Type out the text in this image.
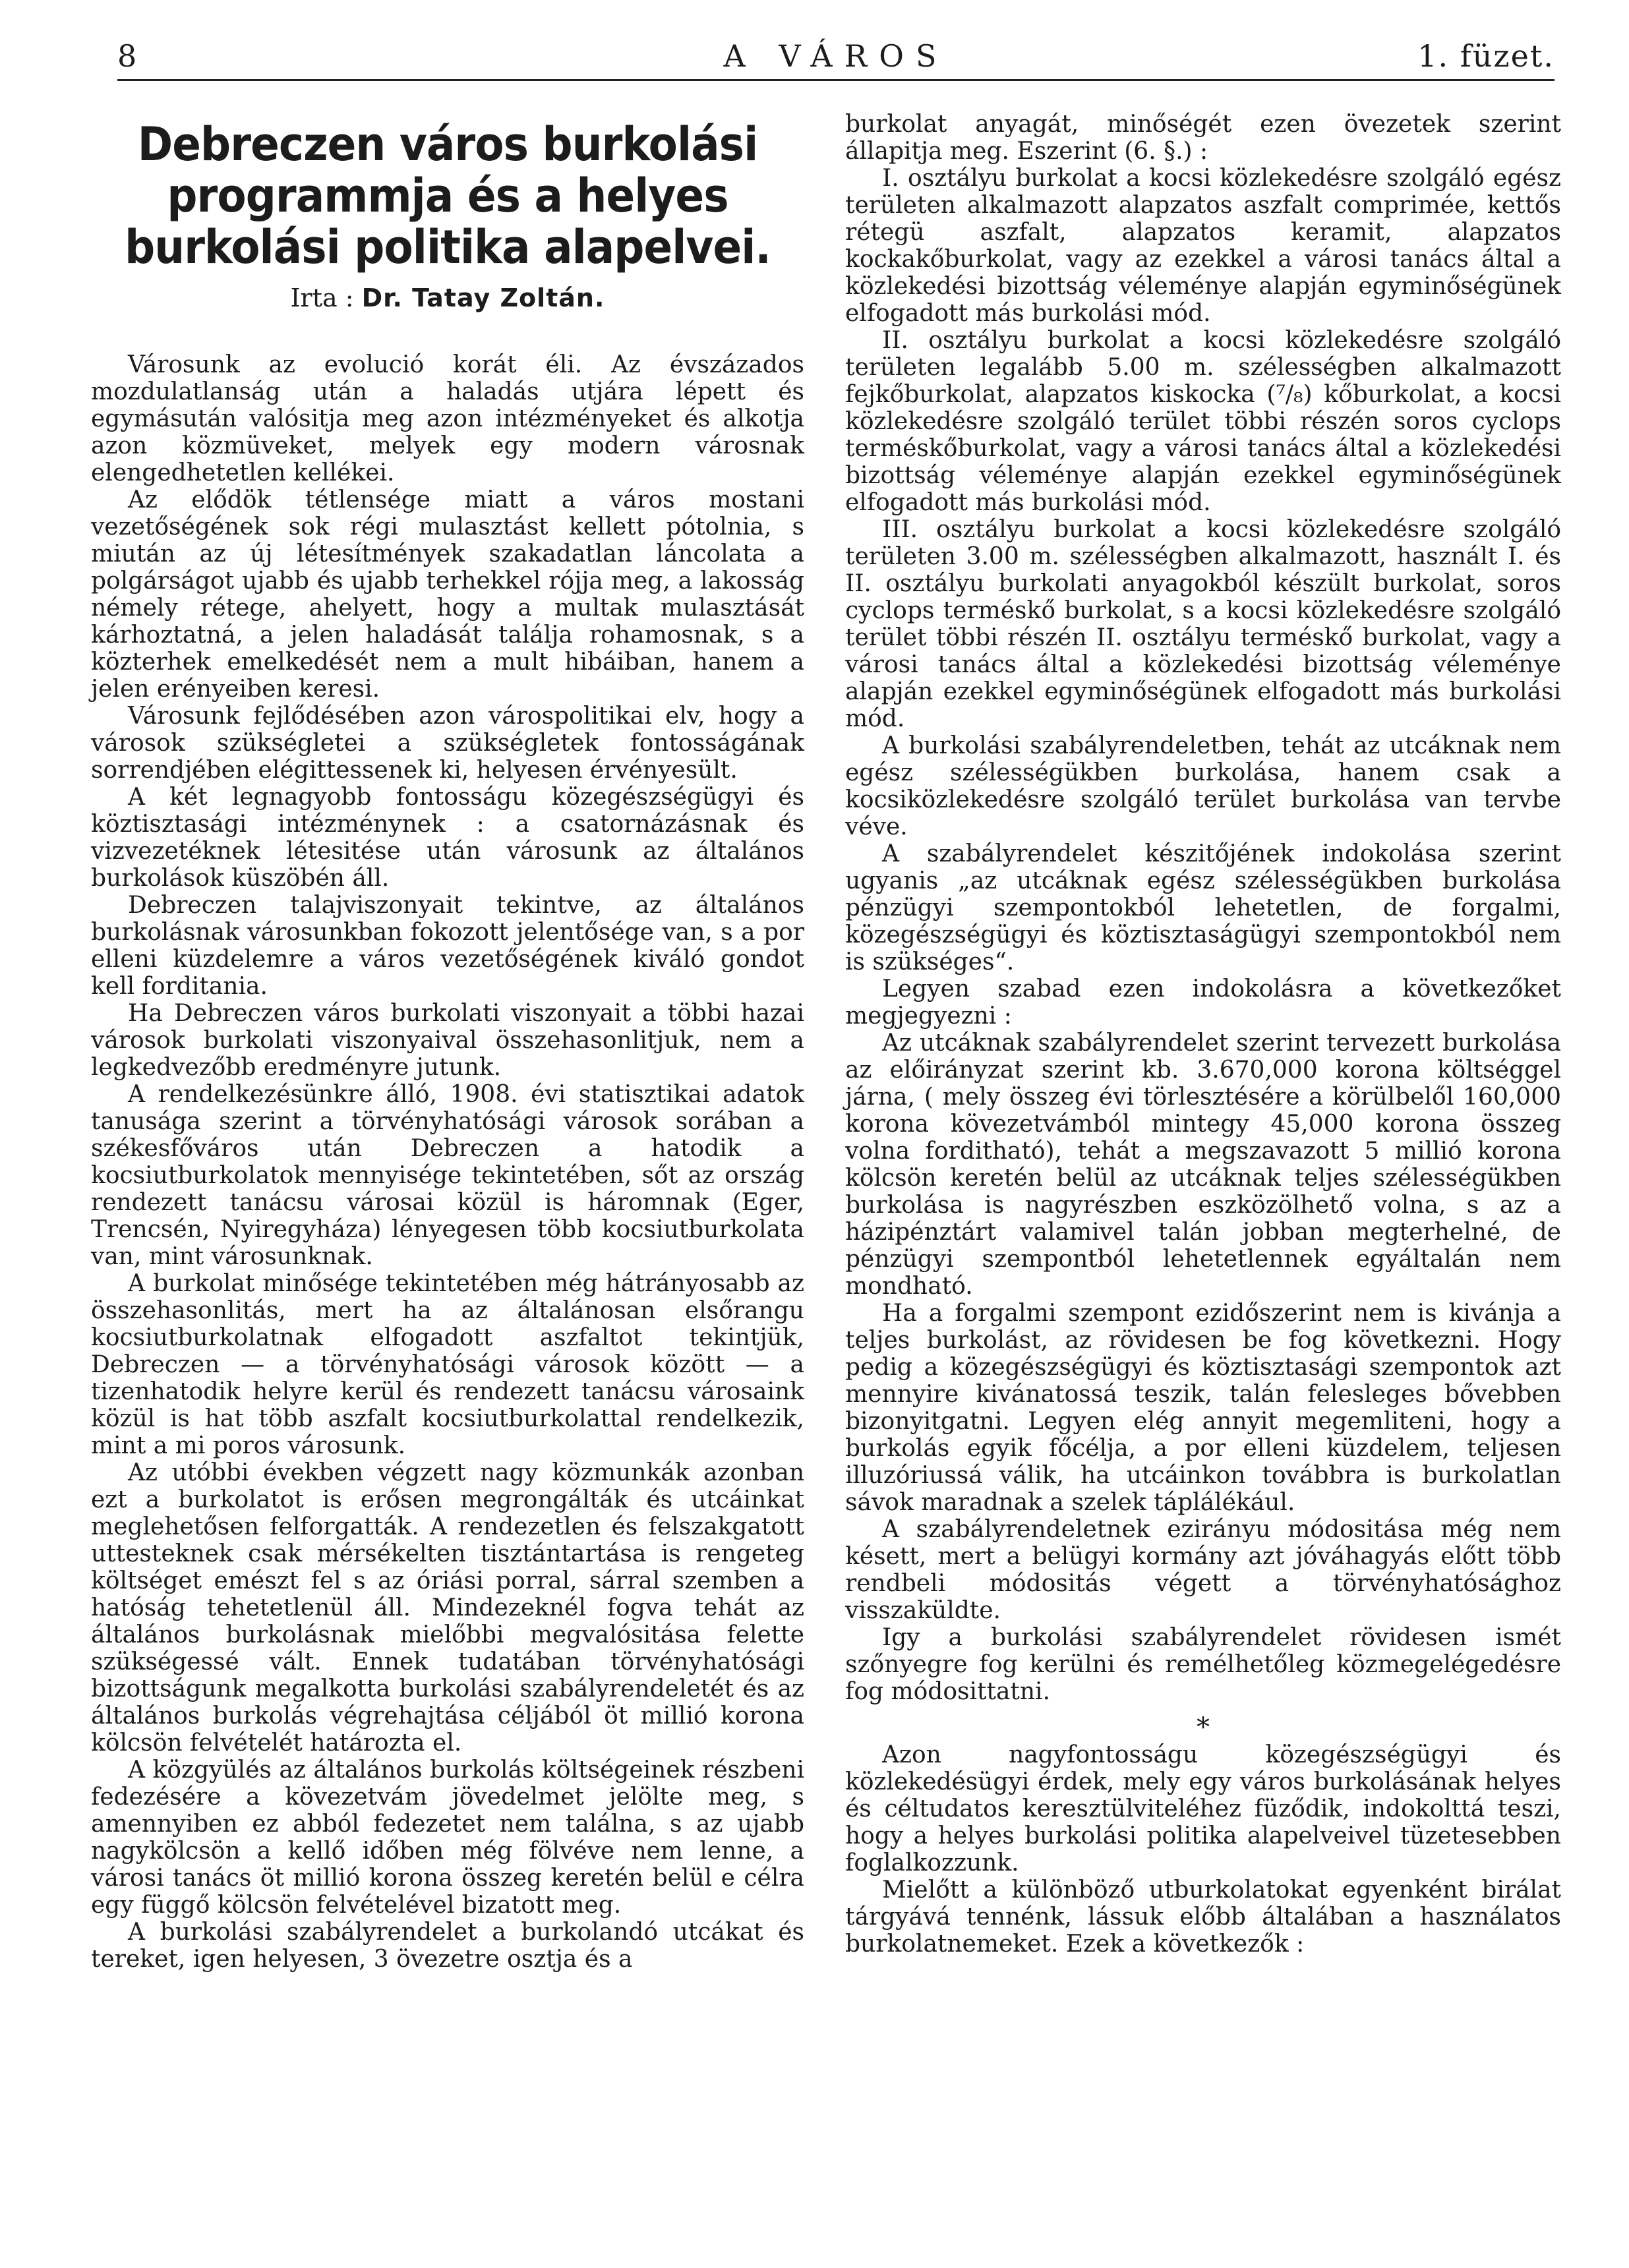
8	A VÁROS	1. füzet.
Debreczen város burkolási programmja és a helyes burkolási politika alapelvei.
Irta : Dr. Tatay Zoltán.

Városunk az evolució korát éli. Az évszázados mozdulatlanság után a haladás utjára lépett és egymásután valósitja meg azon intézményeket és alkotja azon közmüveket, melyek egy modern városnak elengedhetetlen kellékei.

Az elődök tétlensége miatt a város mostani vezetőségének sok régi mulasztást kellett pótolnia, s miután az új létesítmények szakadatlan láncolata a polgárságot ujabb és ujabb terhekkel rójja meg, a lakosság némely rétege, ahelyett, hogy a multak mulasztását kárhoztatná, a jelen haladását találja rohamosnak, s a közterhek emelkedését nem a mult hibáiban, hanem a jelen erényeiben keresi.

Városunk fejlődésében azon várospolitikai elv, hogy a városok szükségletei a szükségletek fontosságának sorrendjében elégittessenek ki, helyesen érvényesült.

A két legnagyobb fontosságu közegészségügyi és köztisztasági intézménynek : a csatornázásnak és vizvezetéknek létesitése után városunk az általános burkolások küszöbén áll.

Debreczen talajviszonyait tekintve, az általános burkolásnak városunkban fokozott jelentősége van, s a por elleni küzdelemre a város vezetőségének kiváló gondot kell forditania.

Ha Debreczen város burkolati viszonyait a többi hazai városok burkolati viszonyaival összehasonlitjuk, nem a legkedvezőbb eredményre jutunk.

A rendelkezésünkre álló, 1908. évi statisztikai adatok tanusága szerint a törvényhatósági városok sorában a székesfőváros után Debreczen a hatodik a kocsiutburkolatok mennyisége tekintetében, sőt az ország rendezett tanácsu városai közül is háromnak (Eger, Trencsén, Nyiregyháza) lényegesen több kocsiutburkolata van, mint városunknak.

A burkolat minősége tekintetében még hátrányosabb az összehasonlitás, mert ha az általánosan elsőrangu kocsiutburkolatnak elfogadott aszfaltot tekintjük, Debreczen — a törvényhatósági városok között — a tizenhatodik helyre kerül és rendezett tanácsu városaink közül is hat több aszfalt kocsiutburkolattal rendelkezik, mint a mi poros városunk.

Az utóbbi években végzett nagy közmunkák azonban ezt a burkolatot is erősen megrongálták és utcáinkat meglehetősen felforgatták. A rendezetlen és felszakgatott uttesteknek csak mérsékelten tisztántartása is rengeteg költséget emészt fel s az óriási porral, sárral szemben a hatóság tehetetlenül áll. Mindezeknél fogva tehát az általános burkolásnak mielőbbi megvalósitása felette szükségessé vált. Ennek tudatában törvényhatósági bizottságunk megalkotta burkolási szabályrendeletét és az általános burkolás végrehajtása céljából öt millió korona kölcsön felvételét határozta el.

A közgyülés az általános burkolás költségeinek részbeni fedezésére a kövezetvám jövedelmet jelölte meg, s amennyiben ez abból fedezetet nem találna, s az ujabb nagykölcsön a kellő időben még fölvéve nem lenne, a városi tanács öt millió korona összeg keretén belül e célra egy függő kölcsön felvételével bizatott meg.

A burkolási szabályrendelet a burkolandó utcákat és tereket, igen helyesen, 3 övezetre osztja és a

burkolat anyagát, minőségét ezen övezetek szerint állapitja meg. Eszerint (6. §.) :

I. osztályu burkolat a kocsi közlekedésre szolgáló egész területen alkalmazott alapzatos aszfalt comprimée, kettős rétegü aszfalt, alapzatos keramit, alapzatos kockakőburkolat, vagy az ezekkel a városi tanács által a közlekedési bizottság véleménye alapján egyminőségünek elfogadott más burkolási mód.

II. osztályu burkolat a kocsi közlekedésre szolgáló területen legalább 5.00 m. szélességben alkalmazott fejkőburkolat, alapzatos kiskocka (⁷/₈) kőburkolat, a kocsi közlekedésre szolgáló terület többi részén soros cyclops terméskőburkolat, vagy a városi tanács által a közlekedési bizottság véleménye alapján ezekkel egyminőségünek elfogadott más burkolási mód.

III. osztályu burkolat a kocsi közlekedésre szolgáló területen 3.00 m. szélességben alkalmazott, használt I. és II. osztályu burkolati anyagokból készült burkolat, soros cyclops terméskő burkolat, s a kocsi közlekedésre szolgáló terület többi részén II. osztályu terméskő burkolat, vagy a városi tanács által a közlekedési bizottság véleménye alapján ezekkel egyminőségünek elfogadott más burkolási mód.

A burkolási szabályrendeletben, tehát az utcáknak nem egész szélességükben burkolása, hanem csak a kocsiközlekedésre szolgáló terület burkolása van tervbe véve.

A szabályrendelet készitőjének indokolása szerint ugyanis „az utcáknak egész szélességükben burkolása pénzügyi szempontokból lehetetlen, de forgalmi, közegészségügyi és köztisztaságügyi szempontokból nem is szükséges“.

Legyen szabad ezen indokolásra a következőket megjegyezni :

Az utcáknak szabályrendelet szerint tervezett burkolása az előirányzat szerint kb. 3.670,000 korona költséggel járna, ( mely összeg évi törlesztésére a körülbelől 160,000 korona kövezetvámból mintegy 45,000 korona összeg volna forditható), tehát a megszavazott 5 millió korona kölcsön keretén belül az utcáknak teljes szélességükben burkolása is nagyrészben eszközölhető volna, s az a házipénztárt valamivel talán jobban megterhelné, de pénzügyi szempontból lehetetlennek egyáltalán nem mondható.

Ha a forgalmi szempont ezidőszerint nem is kivánja a teljes burkolást, az rövidesen be fog következni. Hogy pedig a közegészségügyi és köztisztasági szempontok azt mennyire kivánatossá teszik, talán felesleges bővebben bizonyitgatni. Legyen elég annyit megemliteni, hogy a burkolás egyik főcélja, a por elleni küzdelem, teljesen illuzóriussá válik, ha utcáinkon továbbra is burkolatlan sávok maradnak a szelek táplálékául.

A szabályrendeletnek ezirányu módositása még nem késett, mert a belügyi kormány azt jóváhagyás előtt több rendbeli módositás végett a törvényhatósághoz visszaküldte.

Igy a burkolási szabályrendelet rövidesen ismét szőnyegre fog kerülni és remélhetőleg közmegelégedésre fog módosittatni.

*

Azon nagyfontosságu közegészségügyi és közlekedésügyi érdek, mely egy város burkolásának helyes és céltudatos keresztülviteléhez füződik, indokolttá teszi, hogy a helyes burkolási politika alapelveivel tüzetesebben foglalkozzunk.

Mielőtt a különböző utburkolatokat egyenként birálat tárgyává tennénk, lássuk előbb általában a használatos burkolatnemeket. Ezek a következők :
